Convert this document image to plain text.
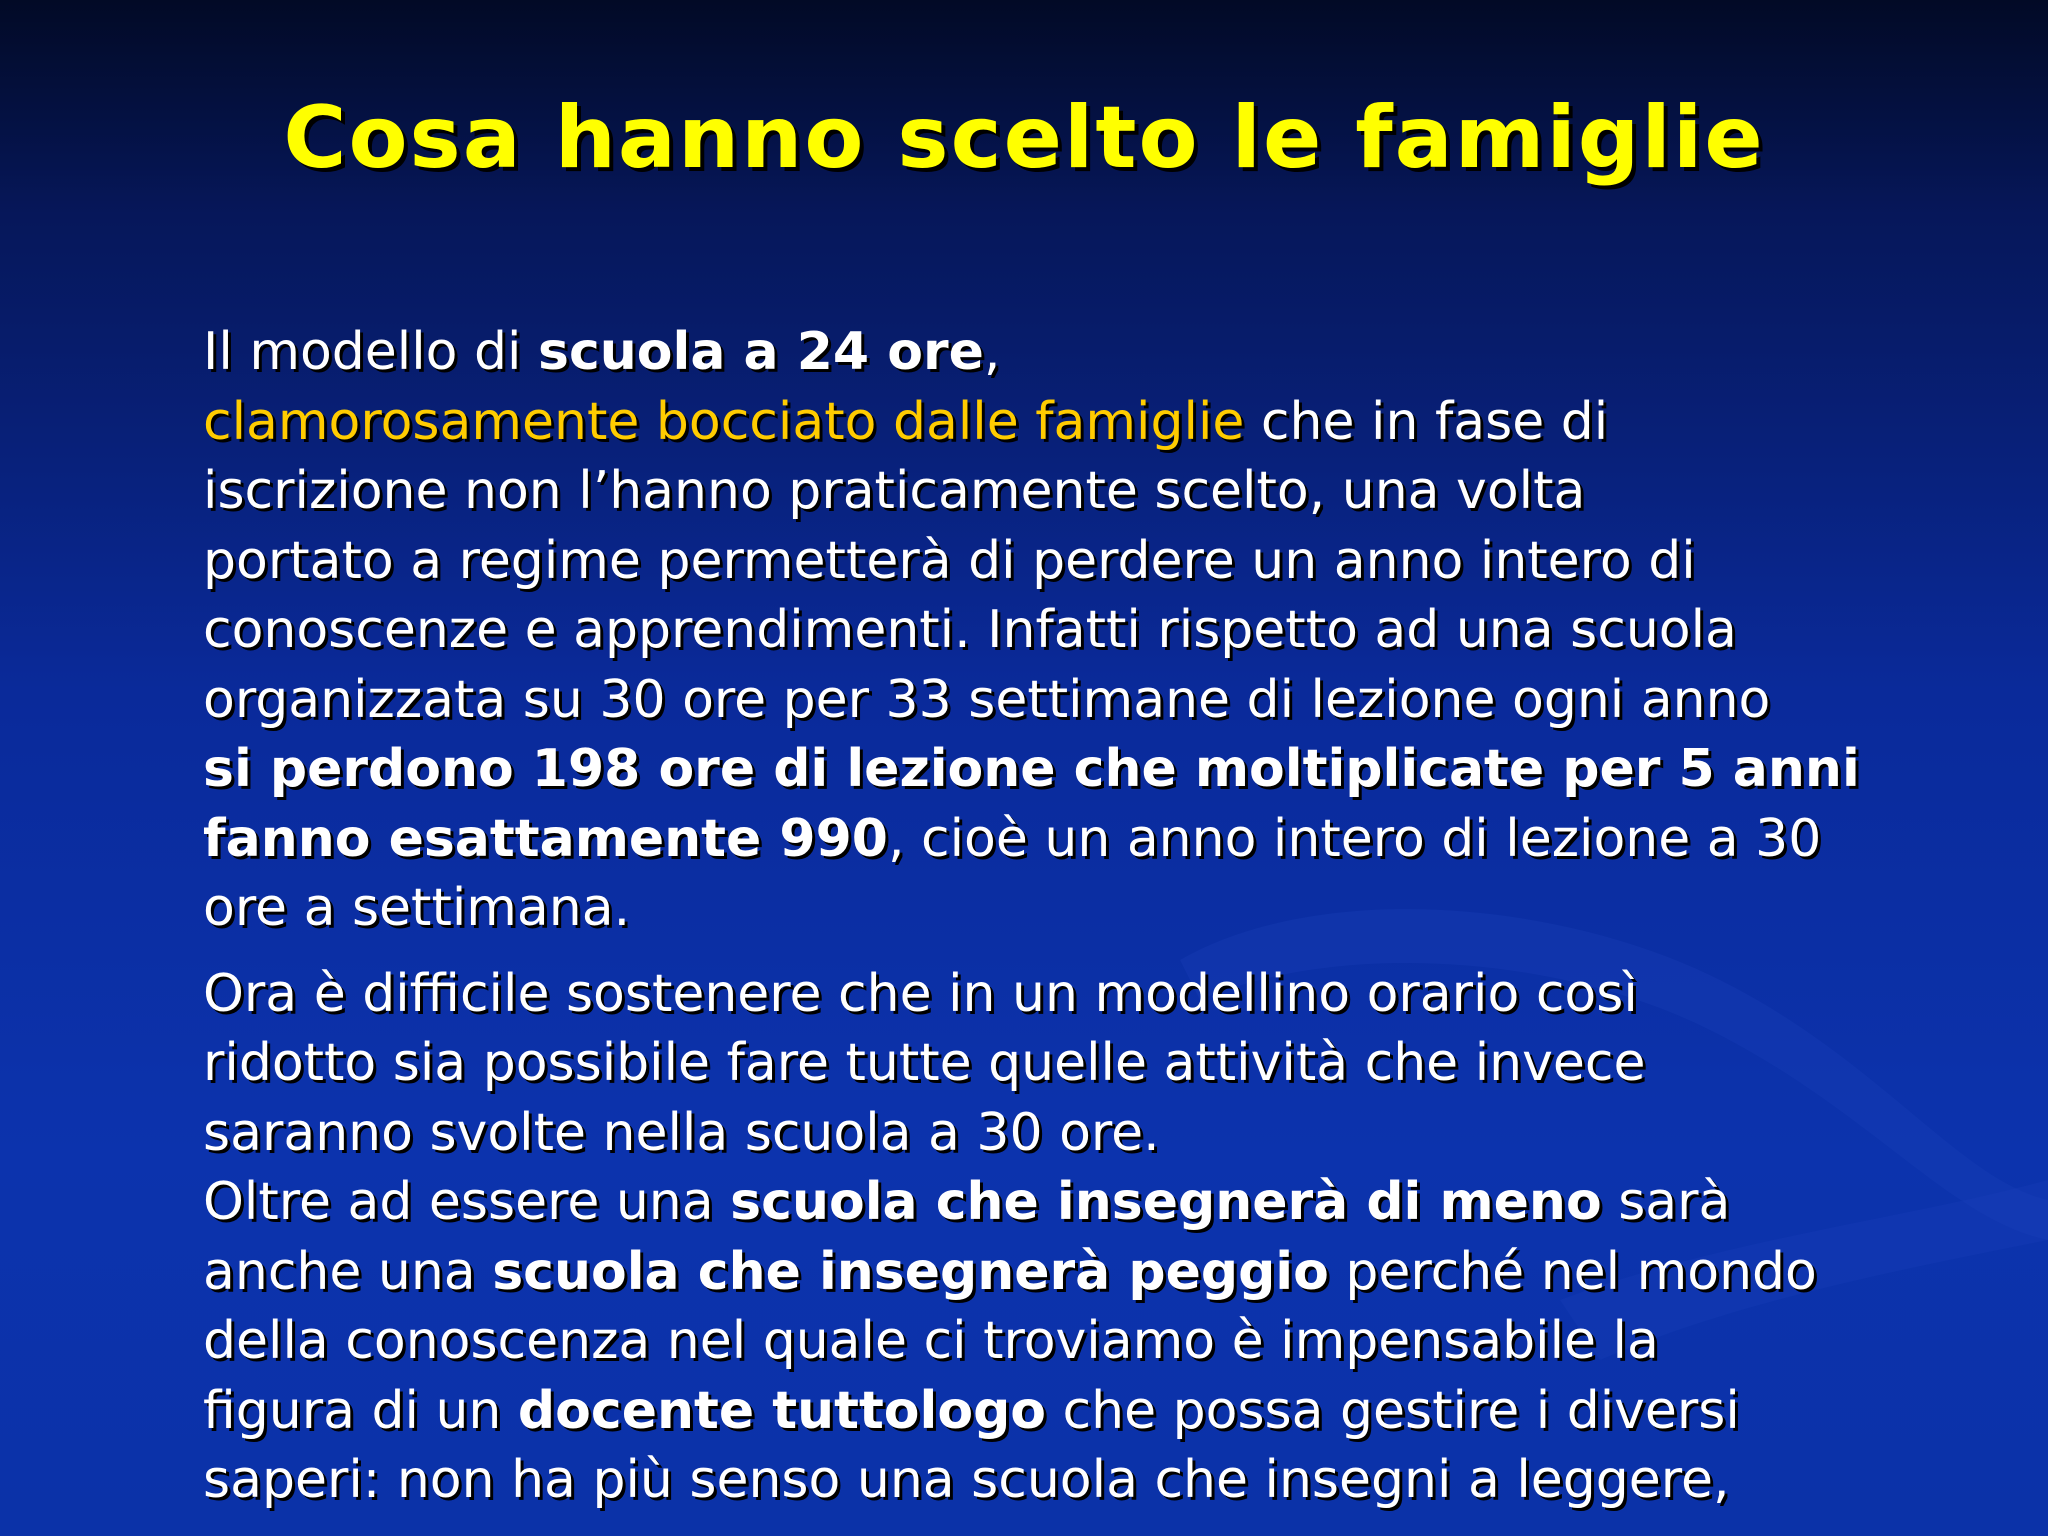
Cosa hanno scelto le famiglie
Il modello di scuola a 24 ore,
clamorosamente bocciato dalle famiglie che in fase di
iscrizione non l’hanno praticamente scelto, una volta
portato a regime permetterà di perdere un anno intero di
conoscenze e apprendimenti. Infatti rispetto ad una scuola
organizzata su 30 ore per 33 settimane di lezione ogni anno
si perdono 198 ore di lezione che moltiplicate per 5 anni
fanno esattamente 990, cioè un anno intero di lezione a 30
ore a settimana.
Ora è difficile sostenere che in un modellino orario così
ridotto sia possibile fare tutte quelle attività che invece
saranno svolte nella scuola a 30 ore.
Oltre ad essere una scuola che insegnerà di meno sarà
anche una scuola che insegnerà peggio perché nel mondo
della conoscenza nel quale ci troviamo è impensabile la
figura di un docente tuttologo che possa gestire i diversi
saperi: non ha più senso una scuola che insegni a leggere,
